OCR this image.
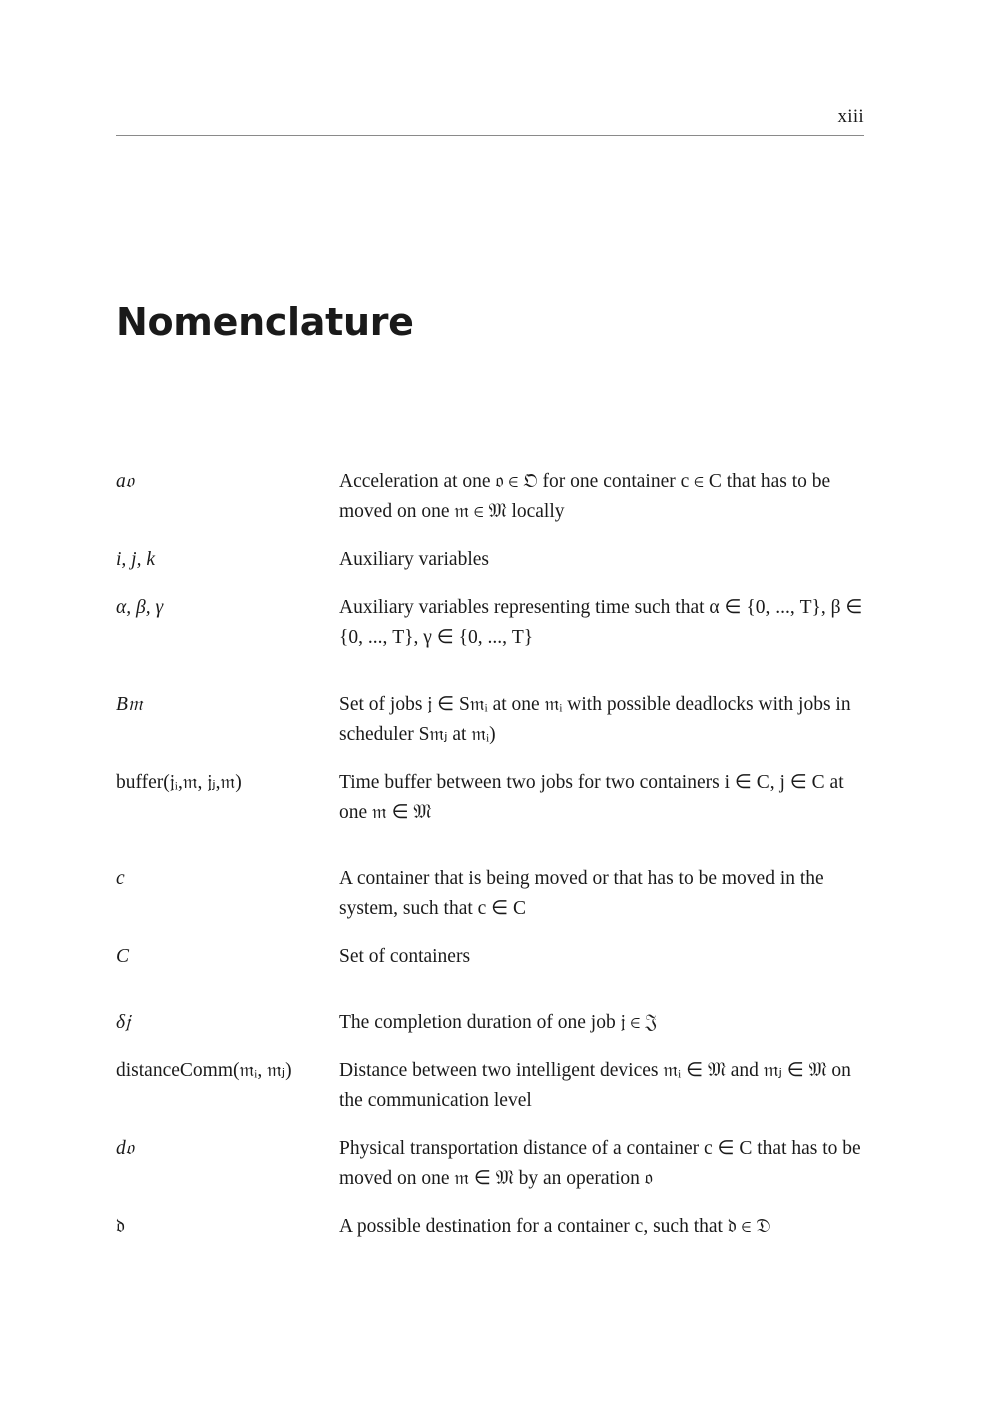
xiii
Nomenclature
a𝔬	Acceleration at one 𝔬 ∈ 𝔒 for one container c ∈ C that has to be moved on one 𝔪 ∈ 𝔐 locally
i, j, k	Auxiliary variables
α, β, γ	Auxiliary variables representing time such that α ∈ {0, ..., T}, β ∈ {0, ..., T}, γ ∈ {0, ..., T}
B𝔪	Set of jobs 𝔧 ∈ S𝔪ᵢ at one 𝔪ᵢ with possible deadlocks with jobs in scheduler S𝔪ⱼ at 𝔪ᵢ)
buffer(𝔧ᵢ,𝔪, 𝔧ⱼ,𝔪)	Time buffer between two jobs for two containers i ∈ C, j ∈ C at one 𝔪 ∈ 𝔐
c	A container that is being moved or that has to be moved in the system, such that c ∈ C
C	Set of containers
δ𝔧	The completion duration of one job 𝔧 ∈ 𝔍
distanceComm(𝔪ᵢ, 𝔪ⱼ)	Distance between two intelligent devices 𝔪ᵢ ∈ 𝔐 and 𝔪ⱼ ∈ 𝔐 on the communication level
d𝔬	Physical transportation distance of a container c ∈ C that has to be moved on one 𝔪 ∈ 𝔐 by an operation 𝔬
𝔡	A possible destination for a container c, such that 𝔡 ∈ 𝔇
